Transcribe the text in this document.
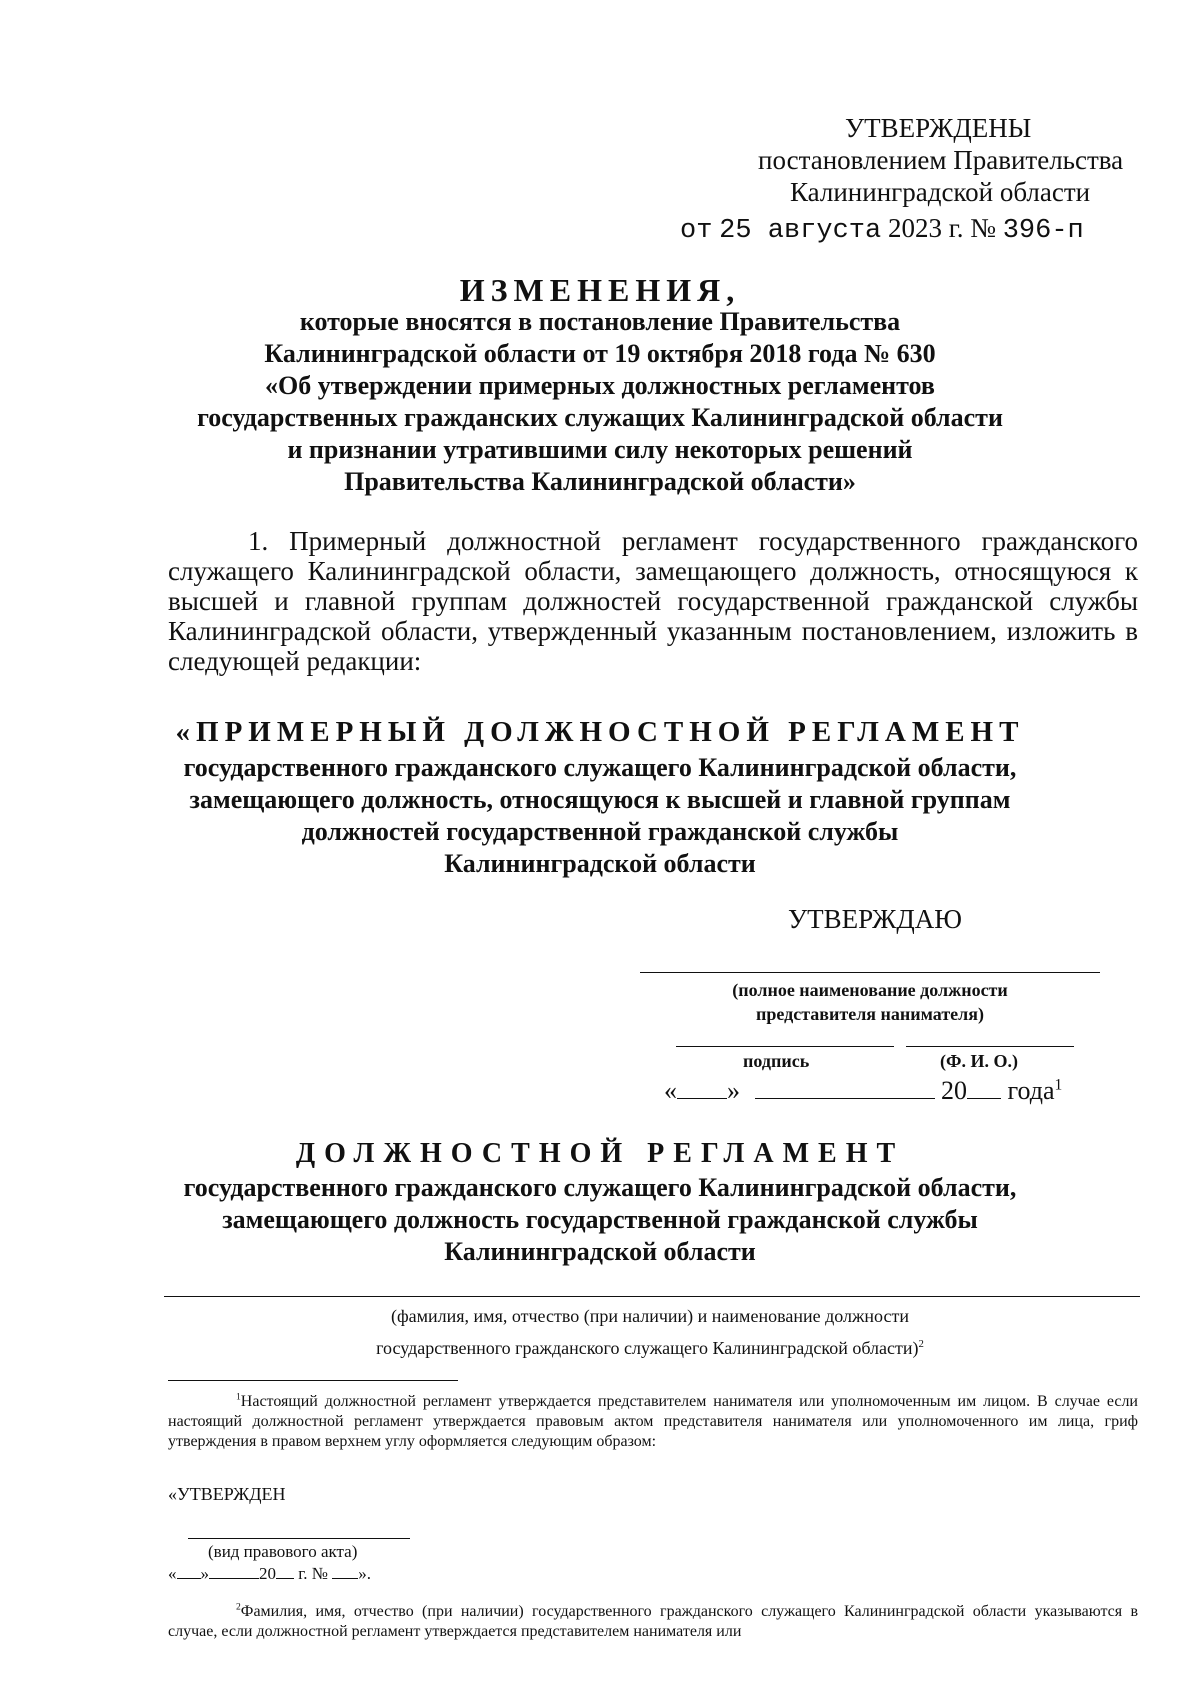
УТВЕРЖДЕНЫ
постановлением Правительства
Калининградской области
от 25 августа 2023 г. № 396-п
ИЗМЕНЕНИЯ,
которые вносятся в постановление Правительства
Калининградской области от 19 октября 2018 года № 630
«Об утверждении примерных должностных регламентов
государственных гражданских служащих Калининградской области
и признании утратившими силу некоторых решений
Правительства Калининградской области»

1. Примерный должностной регламент государственного гражданского служащего Калининградской области, замещающего должность, относящуюся к высшей и главной группам должностей государственной гражданской службы Калининградской области, утвержденный указанным постановлением, изложить в следующей редакции:

«ПРИМЕРНЫЙ ДОЛЖНОСТНОЙ РЕГЛАМЕНТ
государственного гражданского служащего Калининградской области,
замещающего должность, относящуюся к высшей и главной группам
должностей государственной гражданской службы
Калининградской области
УТВЕРЖДАЮ
(полное наименование должности
представителя нанимателя)
подпись	(Ф. И. О.)
« »	20 года$^1$
ДОЛЖНОСТНОЙ РЕГЛАМЕНТ
государственного гражданского служащего Калининградской области,
замещающего должность государственной гражданской службы
Калининградской области
(фамилия, имя, отчество (при наличии) и наименование должности
государственного гражданского служащего Калининградской области)$^2$

$^1$Настоящий должностной регламент утверждается представителем нанимателя или уполномоченным им лицом. В случае если настоящий должностной регламент утверждается правовым актом представителя нанимателя или уполномоченного им лица, гриф утверждения в правом верхнем углу оформляется следующим образом:

«УТВЕРЖДЕН
(вид правового акта)
« »	20 г. № ».

$^2$Фамилия, имя, отчество (при наличии) государственного гражданского служащего Калининградской области указываются в случае, если должностной регламент утверждается представителем нанимателя или
